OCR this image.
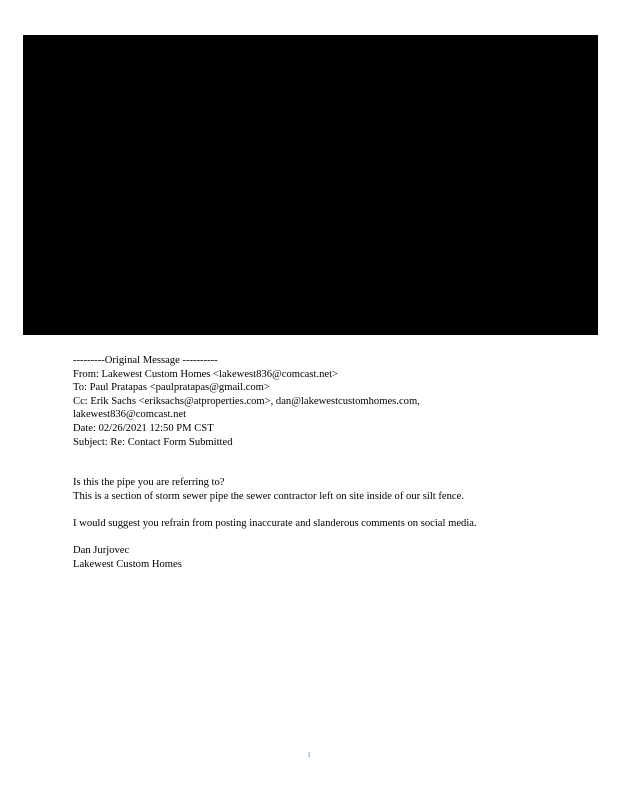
---------Original Message ----------
From: Lakewest Custom Homes <lakewest836@comcast.net>
To: Paul Pratapas <paulpratapas@gmail.com>
Cc: Erik Sachs <eriksachs@atproperties.com>, dan@lakewestcustomhomes.com,
lakewest836@comcast.net
Date: 02/26/2021 12:50 PM CST
Subject: Re: Contact Form Submitted
Is this the pipe you are referring to?
This is a section of storm sewer pipe the sewer contractor left on site inside of our silt fence.
I would suggest you refrain from posting inaccurate and slanderous comments on social media.
Dan Jurjovec
Lakewest Custom Homes
1
